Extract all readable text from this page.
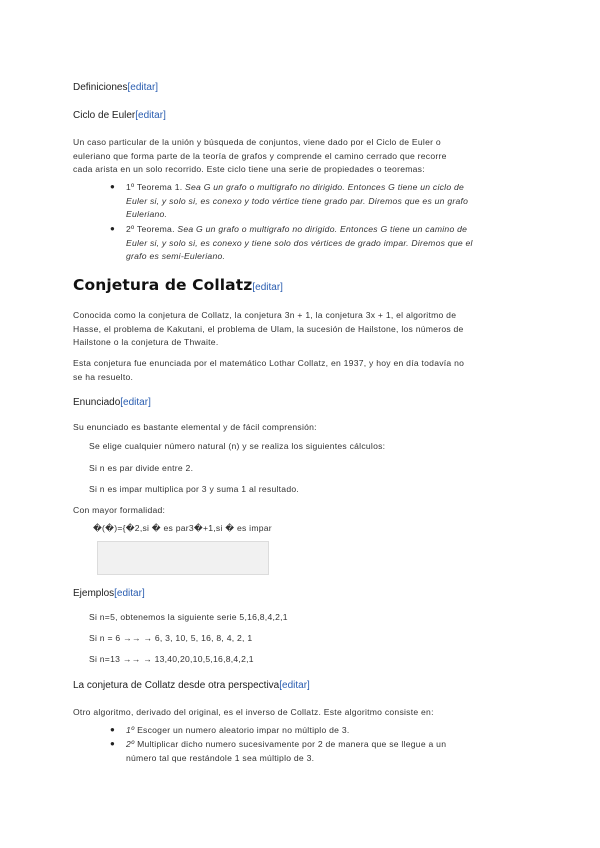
Definiciones[editar]
Ciclo de Euler[editar]
Un caso particular de la unión y búsqueda de conjuntos, viene dado por el Ciclo de Euler o
euleriano que forma parte de la teoría de grafos y comprende el camino cerrado que recorre
cada arista en un solo recorrido. Este ciclo tiene una serie de propiedades o teoremas:
● 1º Teorema 1. Sea G un grafo o multigrafo no dirigido. Entonces G tiene un ciclo de
Euler si, y solo si, es conexo y todo vértice tiene grado par. Diremos que es un grafo
Euleriano.
● 2º Teorema. Sea G un grafo o multigrafo no dirigido. Entonces G tiene un camino de
Euler si, y solo si, es conexo y tiene solo dos vértices de grado impar. Diremos que el
grafo es semi-Euleriano.
Conjetura de Collatz[editar]
Conocida como la conjetura de Collatz, la conjetura 3n + 1, la conjetura 3x + 1, el algoritmo de
Hasse, el problema de Kakutani, el problema de Ulam, la sucesión de Hailstone, los números de
Hailstone o la conjetura de Thwaite.
Esta conjetura fue enunciada por el matemático Lothar Collatz, en 1937, y hoy en día todavía no
se ha resuelto.
Enunciado[editar]
Su enunciado es bastante elemental y de fácil comprensión:
Se elige cualquier número natural (n) y se realiza los siguientes cálculos:
Si n es par divide entre 2.
Si n es impar multiplica por 3 y suma 1 al resultado.
Con mayor formalidad:
�(�)={�2,si � es par3�+1,si � es impar
Ejemplos[editar]
Si n=5, obtenemos la siguiente serie 5,16,8,4,2,1
Si n = 6 →→ → 6, 3, 10, 5, 16, 8, 4, 2, 1
Si n=13 →→ → 13,40,20,10,5,16,8,4,2,1
La conjetura de Collatz desde otra perspectiva[editar]
Otro algoritmo, derivado del original, es el inverso de Collatz. Este algoritmo consiste en:
● 1º Escoger un numero aleatorio impar no múltiplo de 3.
● 2º Multiplicar dicho numero sucesivamente por 2 de manera que se llegue a un
número tal que restándole 1 sea múltiplo de 3.
